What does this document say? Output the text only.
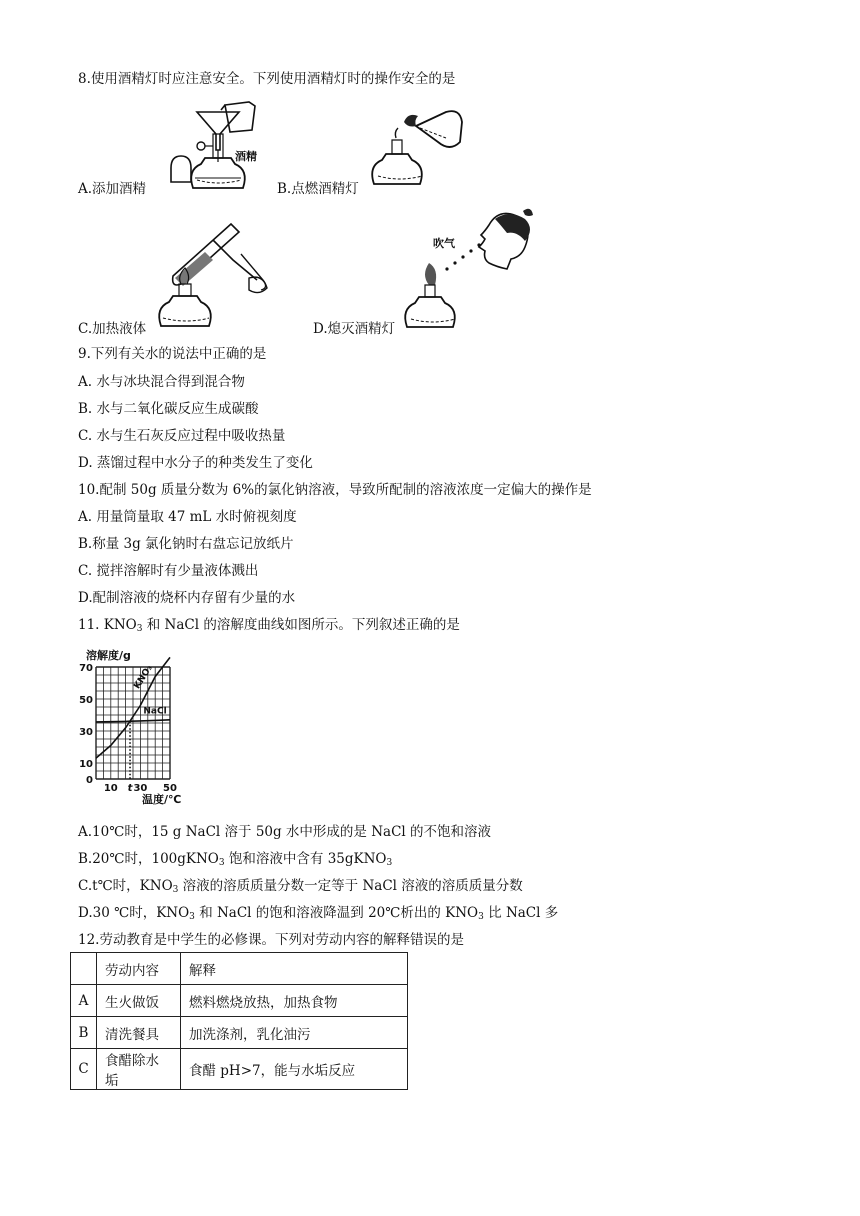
8.使用酒精灯时应注意安全。下列使用酒精灯时的操作安全的是
酒精
A.添加酒精	B.点燃酒精灯
C.加热液体
吹气
D.熄灭酒精灯
9.下列有关水的说法中正确的是
A. 水与冰块混合得到混合物
B. 水与二氧化碳反应生成碳酸
C. 水与生石灰反应过程中吸收热量
D. 蒸馏过程中水分子的种类发生了变化
10.配制 50g 质量分数为 6%的氯化钠溶液，导致所配制的溶液浓度一定偏大的操作是
A. 用量筒量取 47 mL 水时俯视刻度
B.称量 3g 氯化钠时右盘忘记放纸片
C. 搅拌溶解时有少量液体溅出
D.配制溶液的烧杯内存留有少量的水
11. $KNO_3$ 和 NaCl 的溶解度曲线如图所示。下列叙述正确的是
溶解度/g
温度/℃
70
50
30
10
0
10 t 30 50
KNO₃
NaCl
A.10℃时，15 g NaCl 溶于 50g 水中形成的是 NaCl 的不饱和溶液
B.20℃时，100gKNO$_3$ 饱和溶液中含有 35gKNO$_3$
C.t℃时，$KNO_3$ 溶液的溶质质量分数一定等于 NaCl 溶液的溶质质量分数
D.30 ℃时，$KNO_3$ 和 NaCl 的饱和溶液降温到 20℃析出的 $KNO_3$ 比 NaCl 多
12.劳动教育是中学生的必修课。下列对劳动内容的解释错误的是
	劳动内容	解释
A	生火做饭	燃料燃烧放热，加热食物
B	清洗餐具	加洗涤剂，乳化油污
C	食醋除水垢	食醋 pH>7，能与水垢反应
